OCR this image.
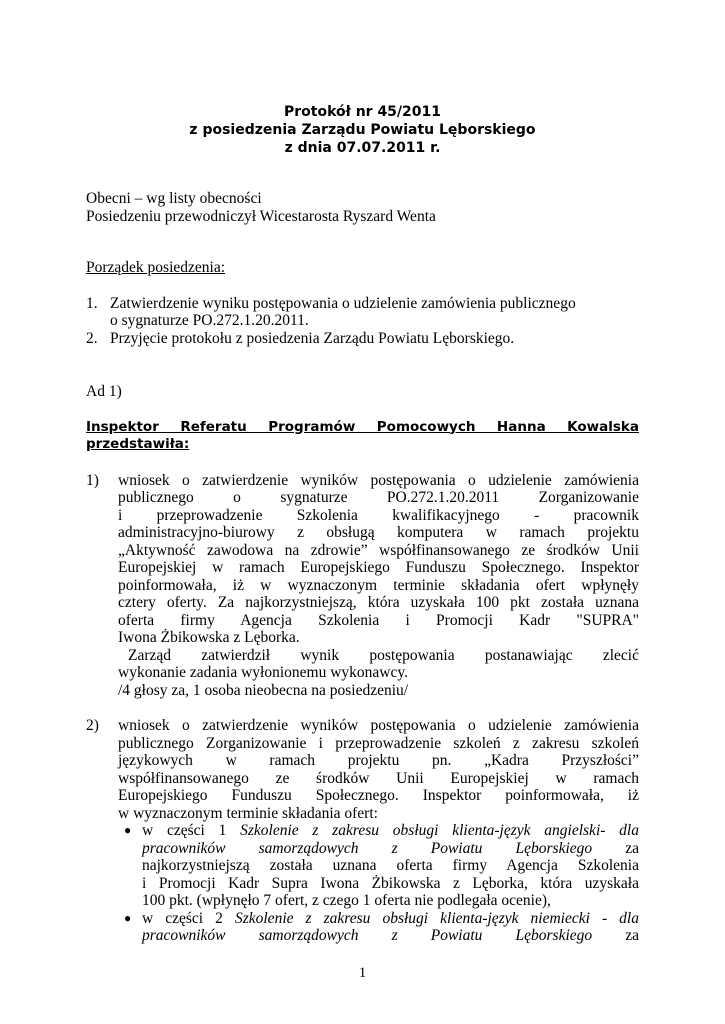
Protokół nr 45/2011
z posiedzenia Zarządu Powiatu Lęborskiego
z dnia 07.07.2011 r.
Obecni – wg listy obecności
Posiedzeniu przewodniczył Wicestarosta Ryszard Wenta
Porządek posiedzenia:
1. Zatwierdzenie wyniku postępowania o udzielenie zamówienia publicznego
o sygnaturze PO.272.1.20.2011.
2. Przyjęcie protokołu z posiedzenia Zarządu Powiatu Lęborskiego.
Ad 1)
Inspektor Referatu Programów Pomocowych Hanna Kowalska
przedstawiła:
1) wniosek o zatwierdzenie wyników postępowania o udzielenie zamówienia
publicznego o sygnaturze PO.272.1.20.2011 Zorganizowanie
i przeprowadzenie Szkolenia kwalifikacyjnego - pracownik
administracyjno-biurowy z obsługą komputera w ramach projektu
„Aktywność zawodowa na zdrowie” współfinansowanego ze środków Unii
Europejskiej w ramach Europejskiego Funduszu Społecznego. Inspektor
poinformowała, iż w wyznaczonym terminie składania ofert wpłynęły
cztery oferty. Za najkorzystniejszą, która uzyskała 100 pkt została uznana
oferta firmy Agencja Szkolenia i Promocji Kadr "SUPRA"
Iwona Żbikowska z Lęborka.
Zarząd zatwierdził wynik postępowania postanawiając zlecić
wykonanie zadania wyłonionemu wykonawcy.
/4 głosy za, 1 osoba nieobecna na posiedzeniu/
2) wniosek o zatwierdzenie wyników postępowania o udzielenie zamówienia
publicznego Zorganizowanie i przeprowadzenie szkoleń z zakresu szkoleń
językowych w ramach projektu pn. „Kadra Przyszłości”
współfinansowanego ze środków Unii Europejskiej w ramach
Europejskiego Funduszu Społecznego. Inspektor poinformowała, iż
w wyznaczonym terminie składania ofert:
● w części 1 Szkolenie z zakresu obsługi klienta-język angielski- dla
pracowników samorządowych z Powiatu Lęborskiego za
najkorzystniejszą została uznana oferta firmy Agencja Szkolenia
i Promocji Kadr Supra Iwona Żbikowska z Lęborka, która uzyskała
100 pkt. (wpłynęło 7 ofert, z czego 1 oferta nie podlegała ocenie),
● w części 2 Szkolenie z zakresu obsługi klienta-język niemiecki - dla
pracowników samorządowych z Powiatu Lęborskiego za
1
